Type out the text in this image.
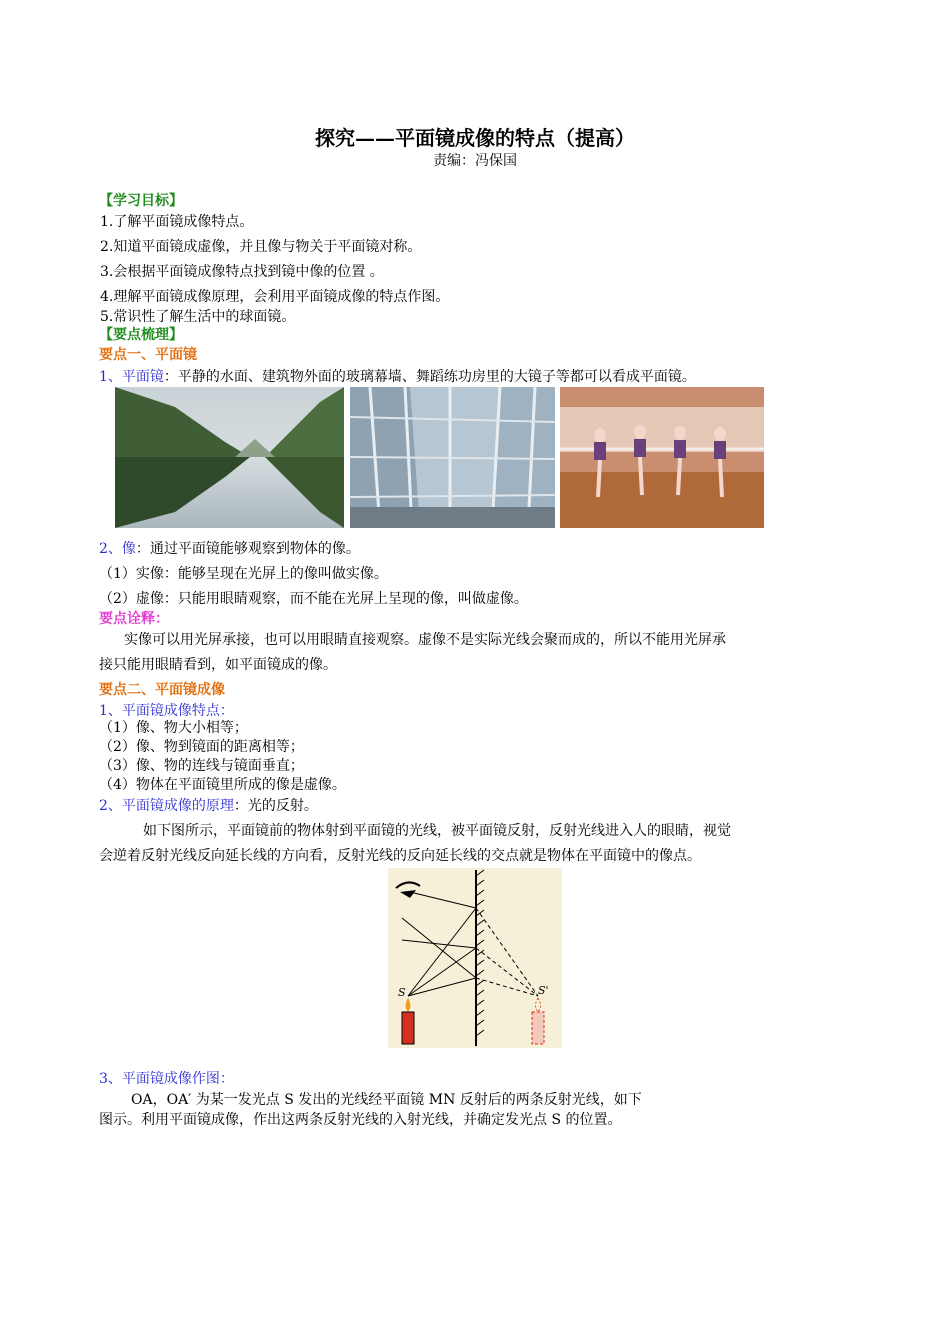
探究——平面镜成像的特点（提高）
责编：冯保国
【学习目标】
1.了解平面镜成像特点。
2.知道平面镜成虚像，并且像与物关于平面镜对称。
3.会根据平面镜成像特点找到镜中像的位置 。
4.理解平面镜成像原理，会利用平面镜成像的特点作图。
5.常识性了解生活中的球面镜。
【要点梳理】
要点一、平面镜
1、平面镜：平静的水面、建筑物外面的玻璃幕墙、舞蹈练功房里的大镜子等都可以看成平面镜。
2、像：通过平面镜能够观察到物体的像。
（1）实像：能够呈现在光屏上的像叫做实像。
（2）虚像：只能用眼睛观察，而不能在光屏上呈现的像，叫做虚像。
要点诠释：
实像可以用光屏承接，也可以用眼睛直接观察。虚像不是实际光线会聚而成的，所以不能用光屏承
接只能用眼睛看到，如平面镜成的像。
要点二、平面镜成像
1、平面镜成像特点：
（1）像、物大小相等；
（2）像、物到镜面的距离相等；
（3）像、物的连线与镜面垂直；
（4）物体在平面镜里所成的像是虚像。
2、平面镜成像的原理：光的反射。
如下图所示，平面镜前的物体射到平面镜的光线，被平面镜反射，反射光线进入人的眼睛，视觉
会逆着反射光线反向延长线的方向看，反射光线的反向延长线的交点就是物体在平面镜中的像点。
S	S'
3、平面镜成像作图：
OA，OA′ 为某一发光点 S 发出的光线经平面镜 MN 反射后的两条反射光线，如下
图示。利用平面镜成像，作出这两条反射光线的入射光线，并确定发光点 S 的位置。
